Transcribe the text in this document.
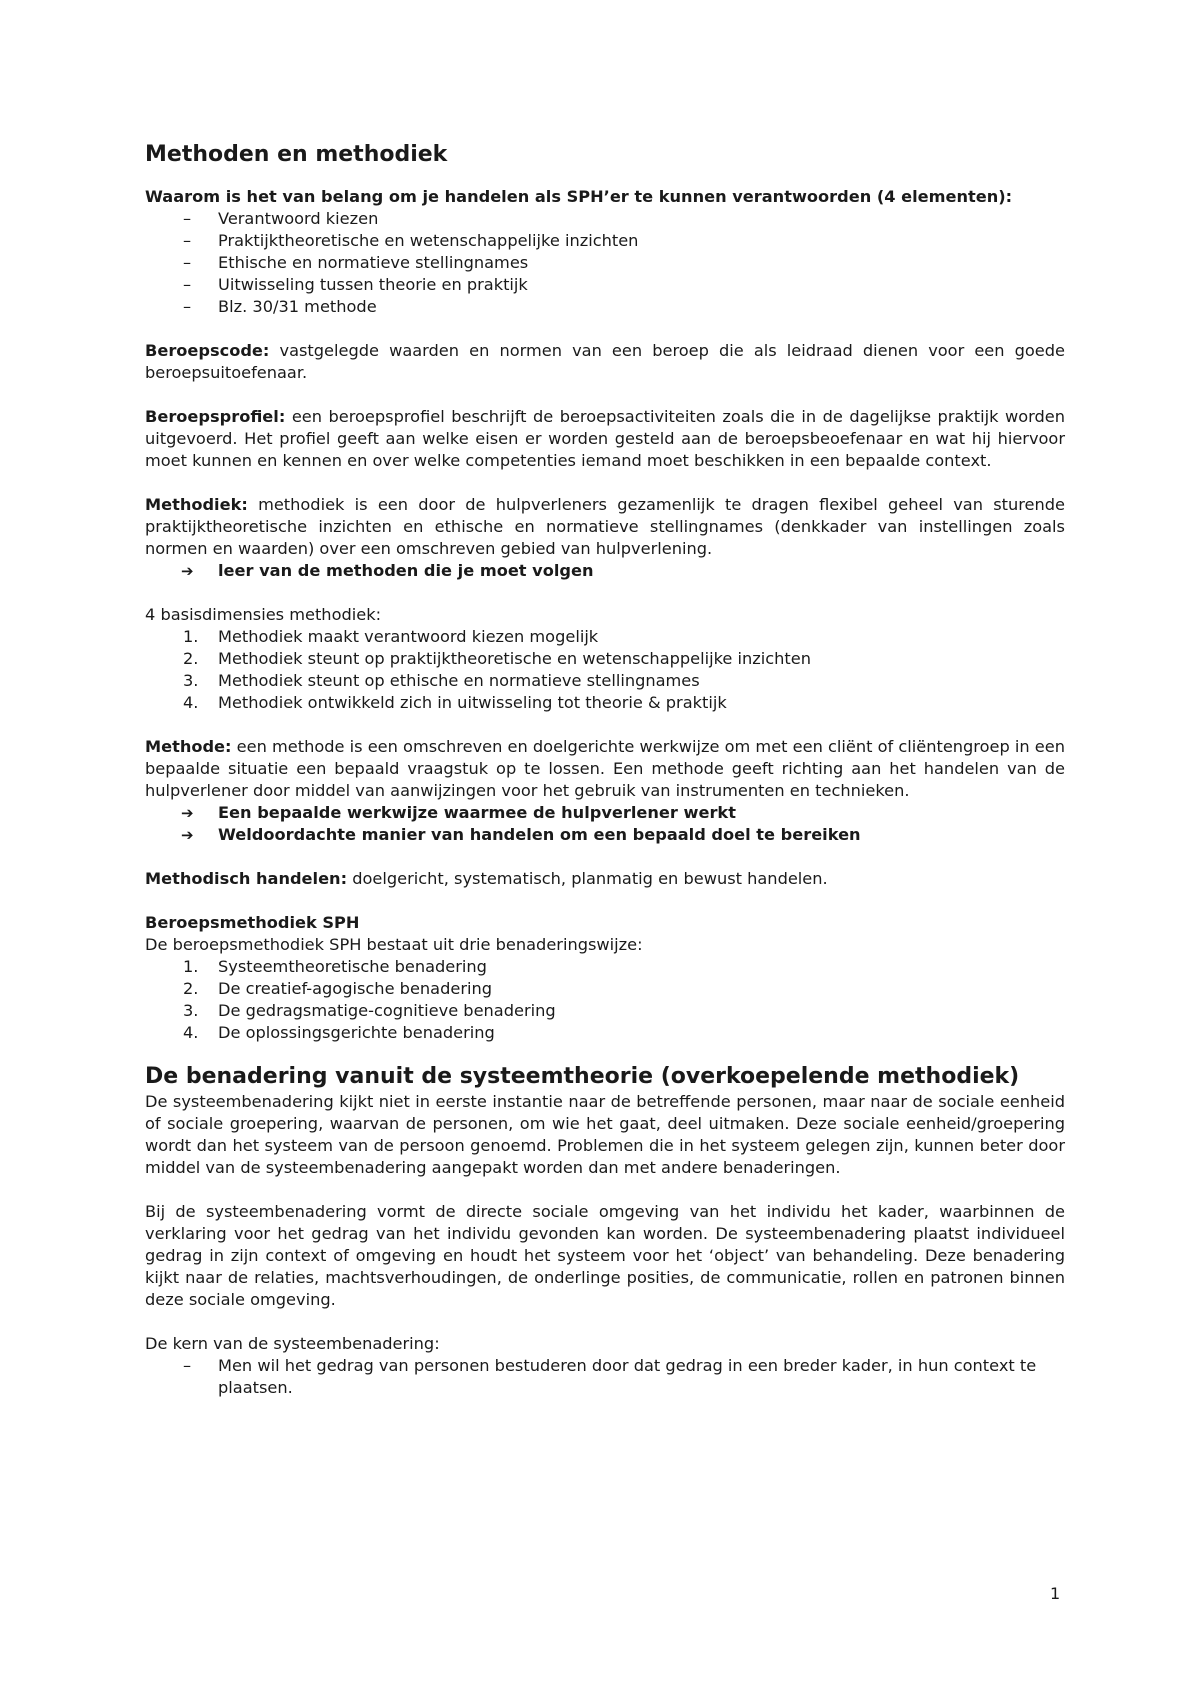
Methoden en methodiek

Waarom is het van belang om je handelen als SPH’er te kunnen verantwoorden (4 elementen):

– Verantwoord kiezen
– Praktijktheoretische en wetenschappelijke inzichten
– Ethische en normatieve stellingnames
– Uitwisseling tussen theorie en praktijk
– Blz. 30/31 methode

Beroepscode: vastgelegde waarden en normen van een beroep die als leidraad dienen voor een goede beroepsuitoefenaar.

Beroepsprofiel: een beroepsprofiel beschrijft de beroepsactiviteiten zoals die in de dagelijkse praktijk worden uitgevoerd. Het profiel geeft aan welke eisen er worden gesteld aan de beroepsbeoefenaar en wat hij hiervoor moet kunnen en kennen en over welke competenties iemand moet beschikken in een bepaalde context.

Methodiek: methodiek is een door de hulpverleners gezamenlijk te dragen flexibel geheel van sturende praktijktheoretische inzichten en ethische en normatieve stellingnames (denkkader van instellingen zoals normen en waarden) over een omschreven gebied van hulpverlening.

➔ leer van de methoden die je moet volgen

4 basisdimensies methodiek:

1. Methodiek maakt verantwoord kiezen mogelijk
2. Methodiek steunt op praktijktheoretische en wetenschappelijke inzichten
3. Methodiek steunt op ethische en normatieve stellingnames
4. Methodiek ontwikkeld zich in uitwisseling tot theorie & praktijk

Methode: een methode is een omschreven en doelgerichte werkwijze om met een cliënt of cliëntengroep in een bepaalde situatie een bepaald vraagstuk op te lossen. Een methode geeft richting aan het handelen van de hulpverlener door middel van aanwijzingen voor het gebruik van instrumenten en technieken.

➔ Een bepaalde werkwijze waarmee de hulpverlener werkt
➔ Weldoordachte manier van handelen om een bepaald doel te bereiken

Methodisch handelen: doelgericht, systematisch, planmatig en bewust handelen.

Beroepsmethodiek SPH

De beroepsmethodiek SPH bestaat uit drie benaderingswijze:

1. Systeemtheoretische benadering
2. De creatief-agogische benadering
3. De gedragsmatige-cognitieve benadering
4. De oplossingsgerichte benadering
De benadering vanuit de systeemtheorie (overkoepelende methodiek)

De systeembenadering kijkt niet in eerste instantie naar de betreffende personen, maar naar de sociale eenheid of sociale groepering, waarvan de personen, om wie het gaat, deel uitmaken. Deze sociale eenheid/groepering wordt dan het systeem van de persoon genoemd. Problemen die in het systeem gelegen zijn, kunnen beter door middel van de systeembenadering aangepakt worden dan met andere benaderingen.

Bij de systeembenadering vormt de directe sociale omgeving van het individu het kader, waarbinnen de verklaring voor het gedrag van het individu gevonden kan worden. De systeembenadering plaatst individueel gedrag in zijn context of omgeving en houdt het systeem voor het ‘object’ van behandeling. Deze benadering kijkt naar de relaties, machtsverhoudingen, de onderlinge posities, de communicatie, rollen en patronen binnen deze sociale omgeving.

De kern van de systeembenadering:

– Men wil het gedrag van personen bestuderen door dat gedrag in een breder kader, in hun context te plaatsen.
1
